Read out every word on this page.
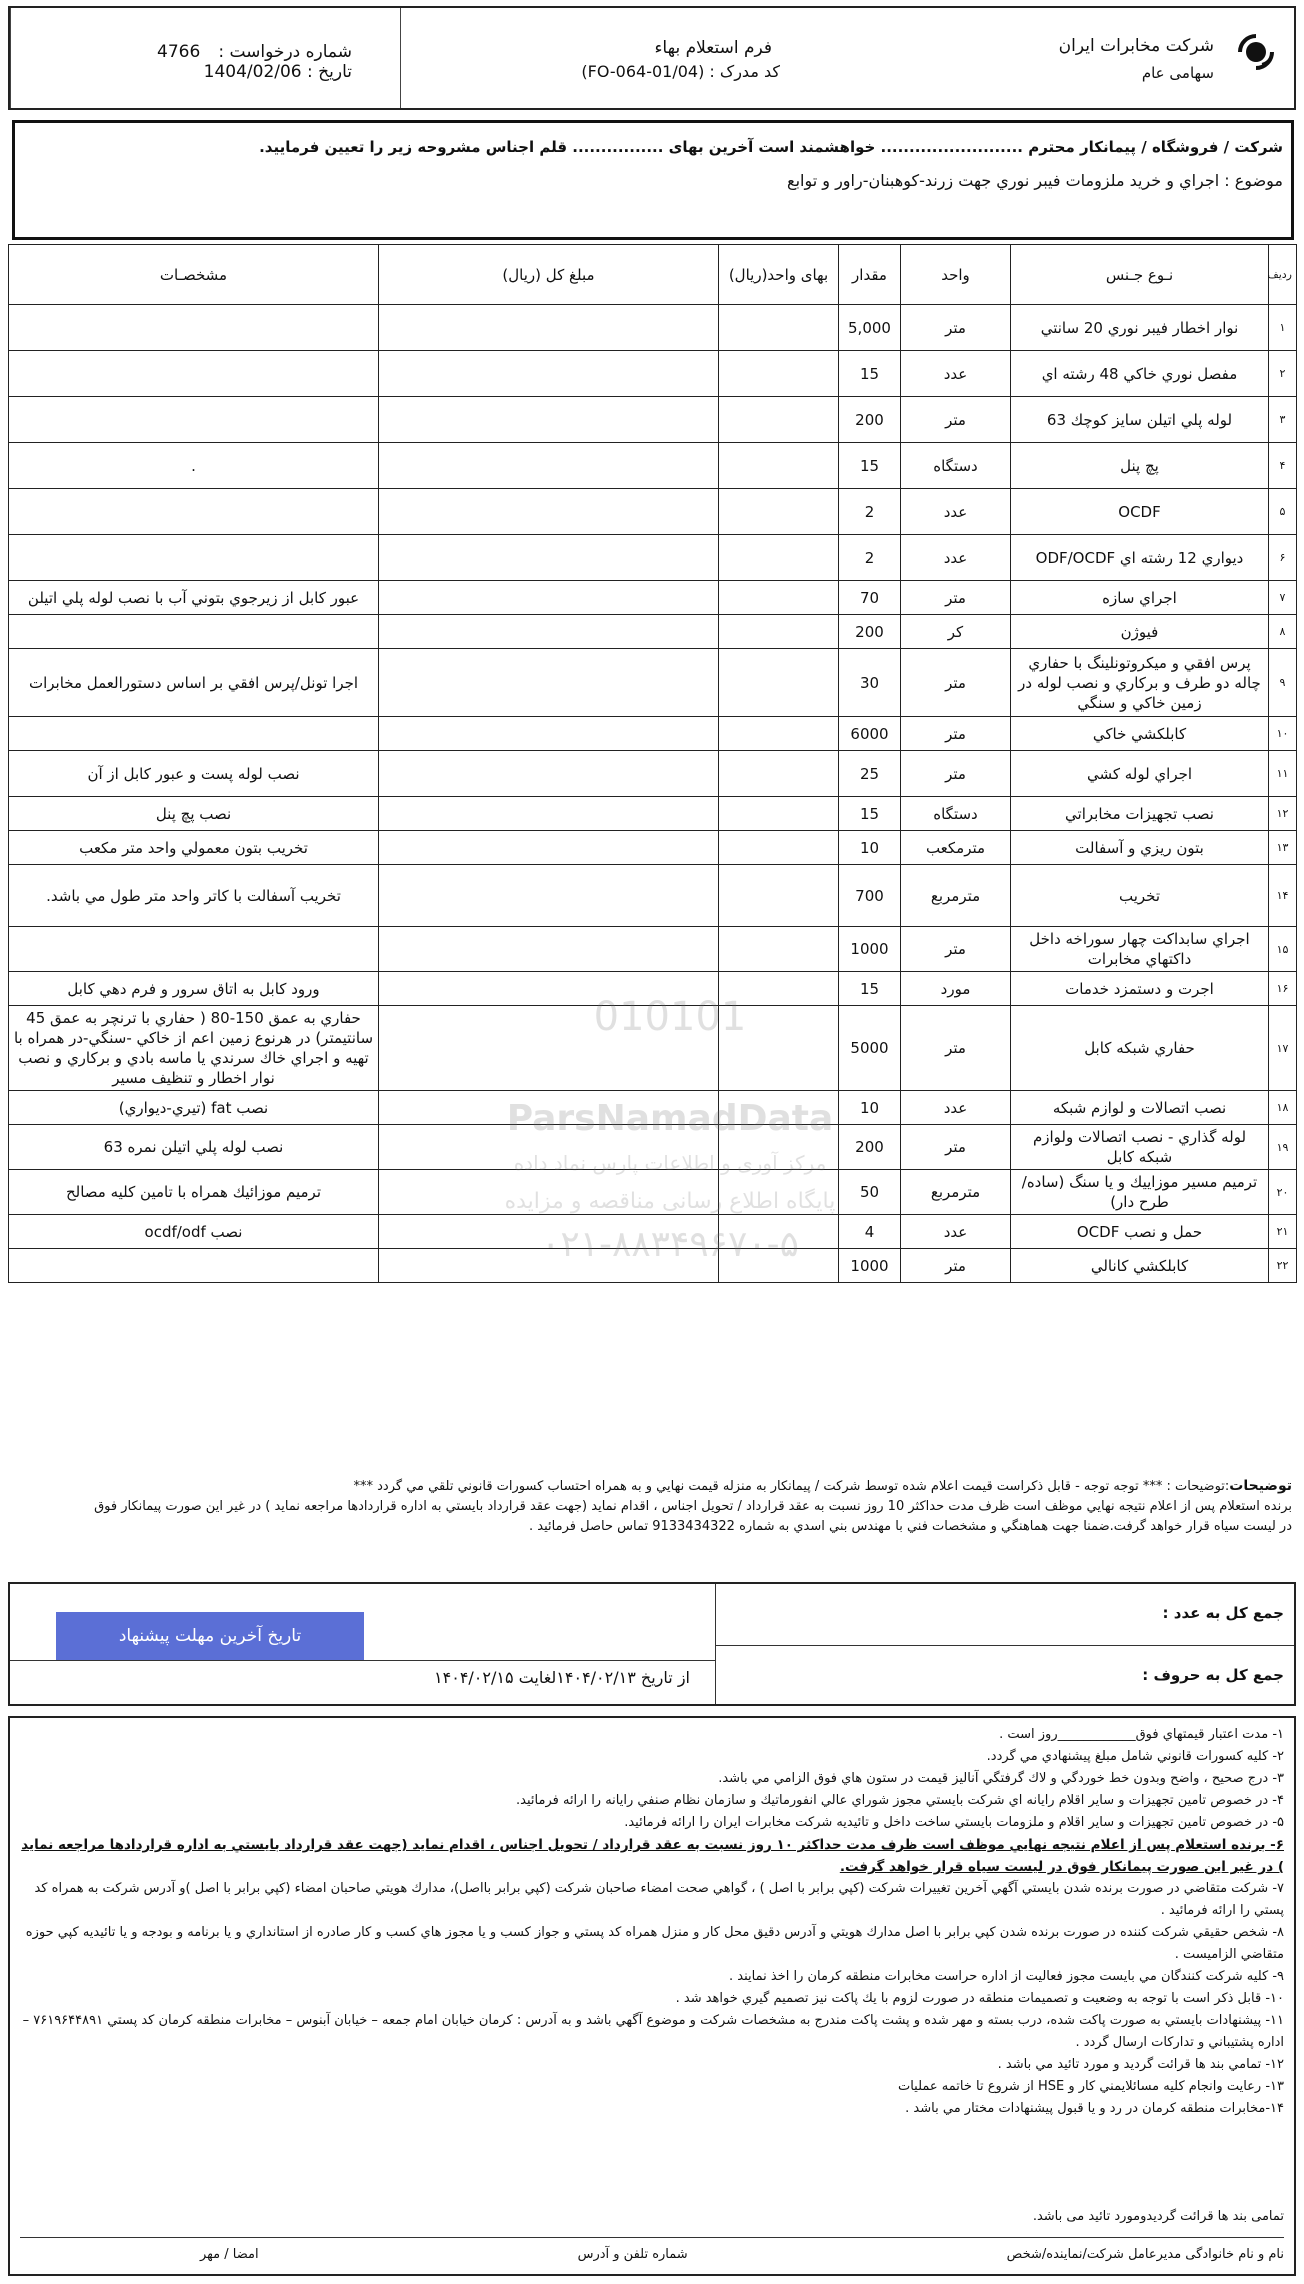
شماره درخواست :
4766
تاریخ : 1404/02/06
فرم استعلام بهاء
کد مدرک : (FO-064-01/04)
شرکت مخابرات ایران
سهامی عام
شرکت / فروشگاه / پیمانکار محترم ......................... خواهشمند است آخرین بهای ................ قلم اجناس مشروحه زیر را تعیین فرمایید.
موضوع : اجراي و خريد ملزومات فيبر نوري جهت زرند-کوهبنان-راور و توابع
ردیف	نـوع جـنس	واحد	مقدار	بهای واحد(ریال)	مبلغ کل (ریال)	مشخصـات
۱	نوار اخطار فيبر نوري 20 سانتي	متر	5,000			
۲	مفصل نوري خاكي 48 رشته اي	عدد	15			
۳	لوله پلي اتيلن سايز كوچك 63	متر	200			
۴	پچ پنل	دستگاه	15			.
۵	OCDF	عدد	2			
۶	ديواري 12 رشته اي ODF/OCDF	عدد	2			
۷	اجراي سازه	متر	70			عبور كابل از زيرجوي بتوني آب با نصب لوله پلي اتيلن
۸	فيوژن	كر	200			
۹	پرس افقي و ميكروتونلينگ با حفاري چاله دو طرف و بركاري و نصب لوله در زمين خاكي و سنگي	متر	30			اجرا تونل/پرس افقي بر اساس دستورالعمل مخابرات
۱۰	كابلكشي خاكي	متر	6000			
۱۱	اجراي لوله كشي	متر	25			نصب لوله پست و عبور كابل از آن
۱۲	نصب تجهيزات مخابراتي	دستگاه	15			نصب پچ پنل
۱۳	بتون ريزي و آسفالت	مترمكعب	10			تخريب بتون معمولي واحد متر مكعب
۱۴	تخريب	مترمربع	700			تخريب آسفالت با كاتر واحد متر طول مي باشد.
۱۵	اجراي سابداكت چهار سوراخه داخل داكتهاي مخابرات	متر	1000			
۱۶	اجرت و دستمزد خدمات	مورد	15			ورود كابل به اتاق سرور و فرم دهي كابل
۱۷	حفاري شبكه كابل	متر	5000			حفاري به عمق 150-80 ( حفاري با ترنچر به عمق 45 سانتيمتر) در هرنوع زمين اعم از خاكي -سنگي-در همراه با تهيه و اجراي خاك سرندي يا ماسه بادي و بركاري و نصب نوار اخطار و تنظيف مسير
۱۸	نصب اتصالات و لوازم شبكه	عدد	10			نصب fat (تيري-ديواري)
۱۹	لوله گذاري - نصب اتصالات ولوازم شبكه كابل	متر	200			نصب لوله پلي اتيلن نمره 63
۲۰	ترميم مسير موزاييك و يا سنگ (ساده/طرح دار)	مترمربع	50			ترميم موزائيك همراه با تامين كليه مصالح
۲۱	حمل و نصب OCDF	عدد	4			نصب ocdf/odf
۲۲	كابلكشي كانالي	متر	1000			
010101
ParsNamadData
مرکز آوری و اطلاعات پارس نماد داده
پایگاه اطلاع رسانی مناقصه و مزایده
۰۲۱-۸۸۳۴۹۶۷۰-۵
توضیحات:توضيحات : *** توجه توجه - قابل ذكراست قيمت اعلام شده توسط شركت / پيمانكار به منزله قيمت نهايي و به همراه احتساب كسورات قانوني تلقي مي گردد ***
برنده استعلام پس از اعلام نتيجه نهايي موظف است ظرف مدت حداكثر 10 روز نسبت به عقد قرارداد / تحويل اجناس ، اقدام نمايد (جهت عقد قرارداد بايستي به اداره قراردادها مراجعه نمايد ) در غير اين صورت پيمانكار فوق
در ليست سياه قرار خواهد گرفت.ضمنا جهت هماهنگي و مشخصات فني با مهندس بني اسدي به شماره 9133434322 تماس حاصل فرمائيد .
تاریخ آخرین مهلت پیشنهاد
از تاریخ ۱۴۰۴/۰۲/۱۳لغایت ۱۴۰۴/۰۲/۱۵
جمع کل به عدد :
جمع کل به حروف :

۱- مدت اعتبار قيمتهاي فوق____________روز است .

۲- كليه كسورات قانوني شامل مبلغ پيشنهادي مي گردد.

۳- درج صحيح ، واضح وبدون خط خوردگي و لاك گرفتگي آناليز قيمت در ستون هاي فوق الزامي مي باشد.

۴- در خصوص تامين تجهيزات و ساير اقلام رايانه اي شركت بايستي مجوز شوراي عالي انفورماتيك و سازمان نظام صنفي رايانه را ارائه فرمائيد.

۵- در خصوص تامين تجهيزات و ساير اقلام و ملزومات بايستي ساخت داخل و تائيديه شركت مخابرات ايران را ارائه فرمائيد.

۶- برنده استعلام پس از اعلام نتيجه نهايي موظف است ظرف مدت حداكثر ۱۰ روز نسبت به عقد قرارداد / تحويل اجناس ، اقدام نمايد (جهت عقد قرارداد بايستي به اداره قراردادها مراجعه نمايد ) در غير اين صورت پيمانكار فوق در ليست سياه قرار خواهد گرفت.

۷- شركت متقاضي در صورت برنده شدن بايستي آگهي آخرين تغييرات شركت (كپي برابر با اصل ) ، گواهي صحت امضاء صاحبان شركت (كپي برابر بااصل)، مدارك هويتي صاحبان امضاء (كپي برابر با اصل )و آدرس شركت به همراه كد پستي را ارائه فرمائيد .

۸- شخص حقيقي شركت كننده در صورت برنده شدن كپي برابر با اصل مدارك هويتي و آدرس دقيق محل كار و منزل همراه كد پستي و جواز كسب و يا مجوز هاي كسب و كار صادره از استانداري و يا برنامه و بودجه و يا تائيديه كپي حوزه متقاضي الزاميست .

۹- كليه شركت كنندگان مي بايست مجوز فعاليت از اداره حراست مخابرات منطقه كرمان را اخذ نمايند .

۱۰- قابل ذكر است با توجه به وضعيت و تصميمات منطقه در صورت لزوم با يك پاكت نيز تصميم گيري خواهد شد .

۱۱- پيشنهادات بايستي به صورت پاكت شده، درب بسته و مهر شده و پشت پاكت مندرج به مشخصات شركت و موضوع آگهي باشد و به آدرس : كرمان خيابان امام جمعه – خيابان آبنوس – مخابرات منطقه كرمان كد پستي ۷۶۱۹۶۴۴۸۹۱ – اداره پشتيباني و تداركات ارسال گردد .

۱۲- تمامي بند ها قرائت گرديد و مورد تائيد مي باشد .

۱۳- رعايت وانجام كليه مسائلايمني كار و HSE از شروع تا خاتمه عمليات

۱۴-مخابرات منطقه كرمان در رد و يا قبول پيشنهادات مختار مي باشد .

تمامی بند ها قرائت گردیدومورد تائید می باشد.
نام و نام خانوادگی مدیرعامل شرکت/نماینده/شخص
شماره تلفن و آدرس
امضا / مهر
